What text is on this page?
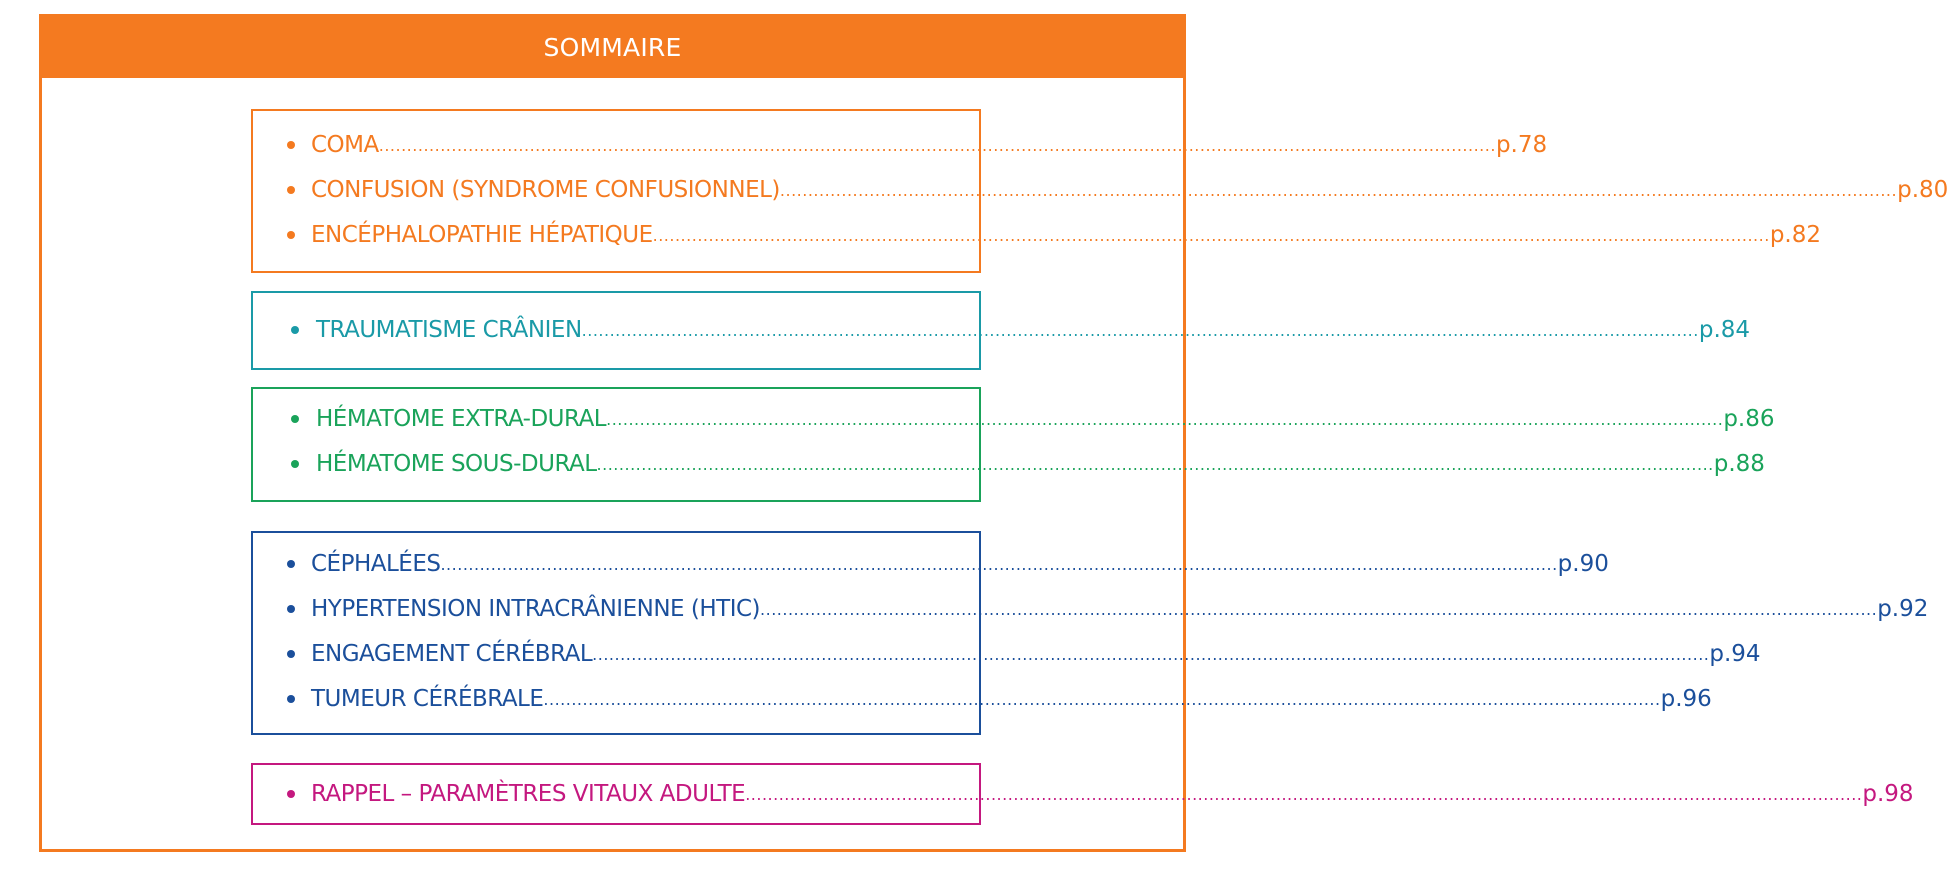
SOMMAIRE
COMA ........................................................................................................................................................................................................ p.78
CONFUSION (SYNDROME CONFUSIONNEL) ........................................................................................................................................................................................................ p.80
ENCÉPHALOPATHIE HÉPATIQUE ........................................................................................................................................................................................................ p.82
TRAUMATISME CRÂNIEN ........................................................................................................................................................................................................ p.84
HÉMATOME EXTRA-DURAL ........................................................................................................................................................................................................ p.86
HÉMATOME SOUS-DURAL ........................................................................................................................................................................................................ p.88
CÉPHALÉES ........................................................................................................................................................................................................ p.90
HYPERTENSION INTRACRÂNIENNE (HTIC) ........................................................................................................................................................................................................ p.92
ENGAGEMENT CÉRÉBRAL ........................................................................................................................................................................................................ p.94
TUMEUR CÉRÉBRALE ........................................................................................................................................................................................................ p.96
RAPPEL – PARAMÈTRES VITAUX ADULTE ........................................................................................................................................................................................................ p.98
